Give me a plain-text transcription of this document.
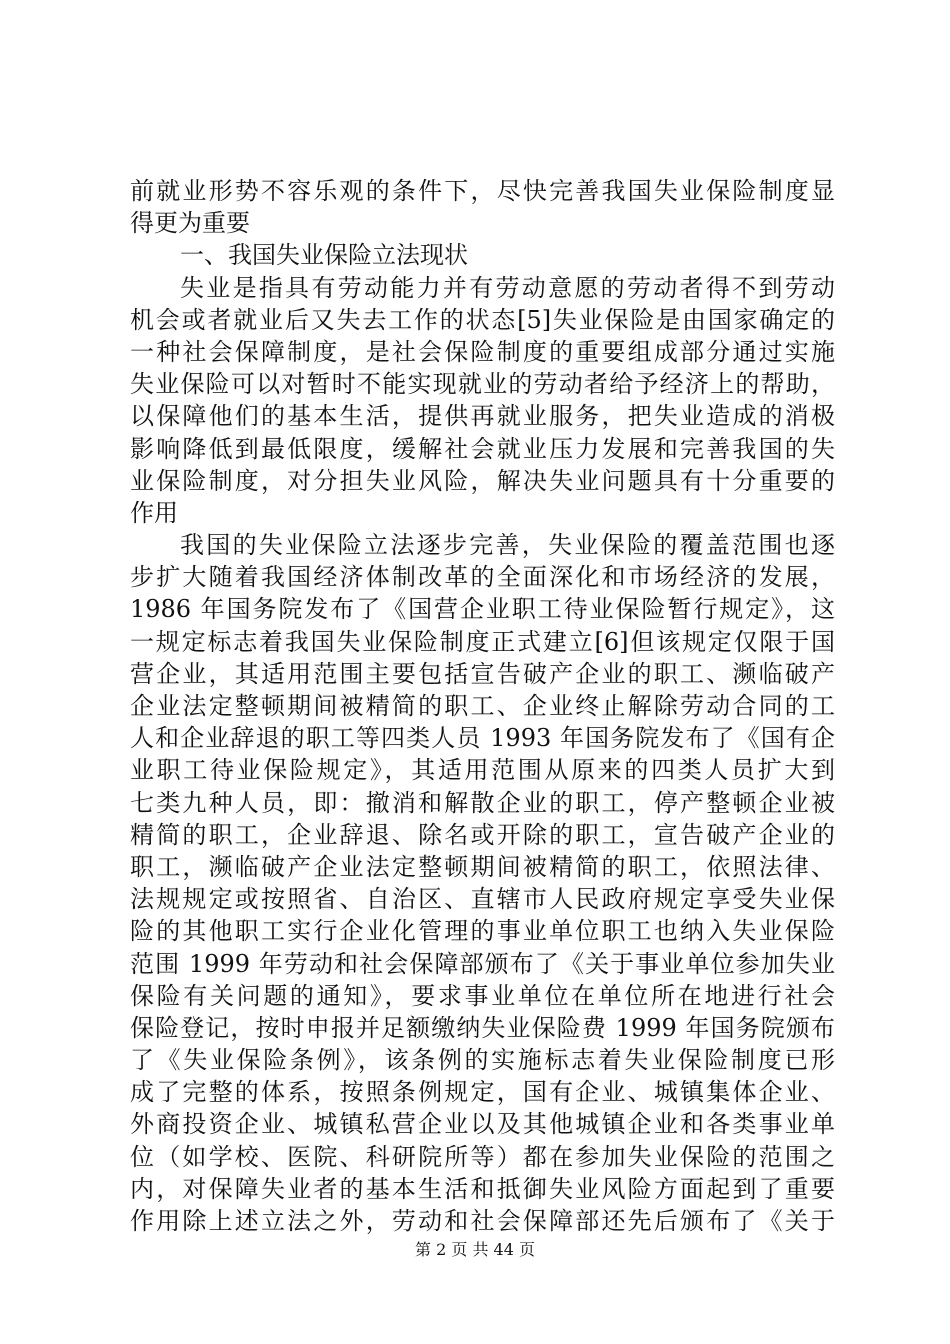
前就业形势不容乐观的条件下，尽快完善我国失业保险制度显
得更为重要
一、我国失业保险立法现状
失业是指具有劳动能力并有劳动意愿的劳动者得不到劳动
机会或者就业后又失去工作的状态[5]失业保险是由国家确定的
一种社会保障制度，是社会保险制度的重要组成部分通过实施
失业保险可以对暂时不能实现就业的劳动者给予经济上的帮助，
以保障他们的基本生活，提供再就业服务，把失业造成的消极
影响降低到最低限度，缓解社会就业压力发展和完善我国的失
业保险制度，对分担失业风险，解决失业问题具有十分重要的
作用
我国的失业保险立法逐步完善，失业保险的覆盖范围也逐
步扩大随着我国经济体制改革的全面深化和市场经济的发展，
1986 年国务院发布了《国营企业职工待业保险暂行规定》，这
一规定标志着我国失业保险制度正式建立[6]但该规定仅限于国
营企业，其适用范围主要包括宣告破产企业的职工、濒临破产
企业法定整顿期间被精简的职工、企业终止解除劳动合同的工
人和企业辞退的职工等四类人员 1993 年国务院发布了《国有企
业职工待业保险规定》，其适用范围从原来的四类人员扩大到
七类九种人员，即：撤消和解散企业的职工，停产整顿企业被
精简的职工，企业辞退、除名或开除的职工，宣告破产企业的
职工，濒临破产企业法定整顿期间被精简的职工，依照法律、
法规规定或按照省、自治区、直辖市人民政府规定享受失业保
险的其他职工实行企业化管理的事业单位职工也纳入失业保险
范围 1999 年劳动和社会保障部颁布了《关于事业单位参加失业
保险有关问题的通知》，要求事业单位在单位所在地进行社会
保险登记，按时申报并足额缴纳失业保险费 1999 年国务院颁布
了《失业保险条例》，该条例的实施标志着失业保险制度已形
成了完整的体系，按照条例规定，国有企业、城镇集体企业、
外商投资企业、城镇私营企业以及其他城镇企业和各类事业单
位（如学校、医院、科研院所等）都在参加失业保险的范围之
内，对保障失业者的基本生活和抵御失业风险方面起到了重要
作用除上述立法之外，劳动和社会保障部还先后颁布了《关于
第 2 页 共 44 页
